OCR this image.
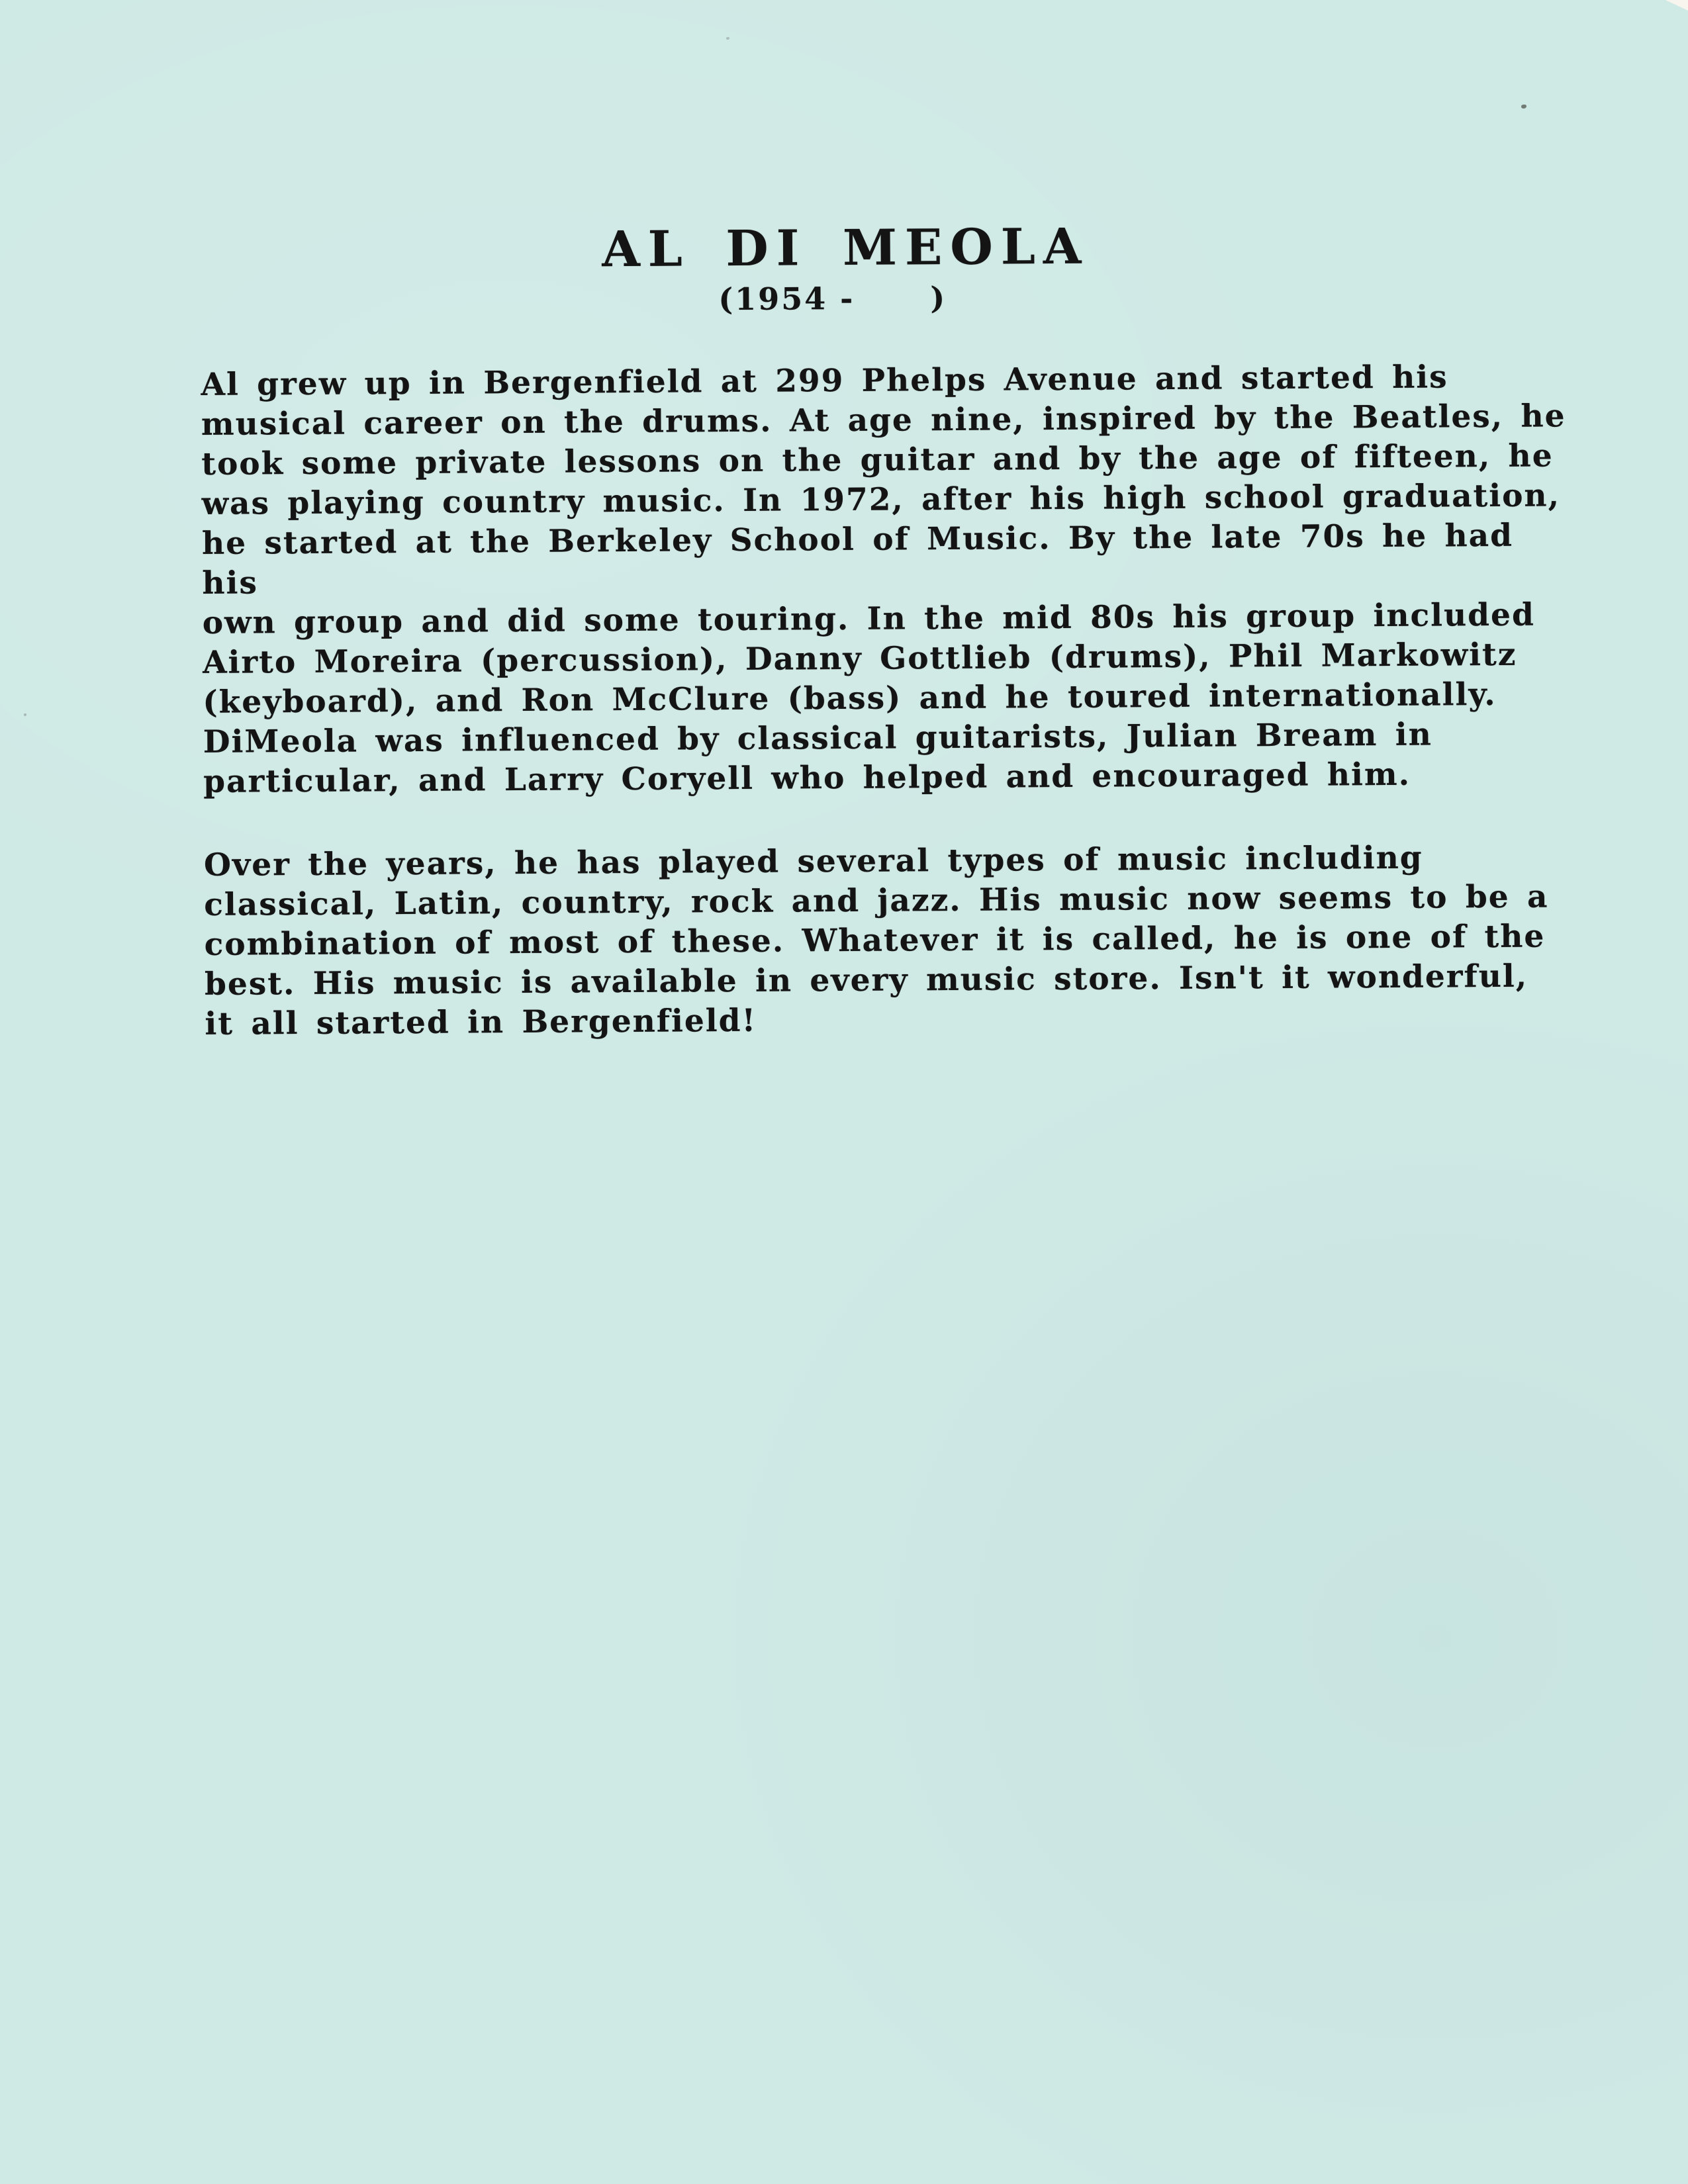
AL DI MEOLA
(1954 -      )

Al grew up in Bergenfield at 299 Phelps Avenue and started his
musical career on the drums. At age nine, inspired by the Beatles, he
took some private lessons on the guitar and by the age of fifteen, he
was playing country music. In 1972, after his high school graduation,
he started at the Berkeley School of Music. By the late 70s he had his
own group and did some touring. In the mid 80s his group included
Airto Moreira (percussion), Danny Gottlieb (drums), Phil Markowitz
(keyboard), and Ron McClure (bass) and he toured internationally.
DiMeola was influenced by classical guitarists, Julian Bream in
particular, and Larry Coryell who helped and encouraged him.

Over the years, he has played several types of music including
classical, Latin, country, rock and jazz. His music now seems to be a
combination of most of these. Whatever it is called, he is one of the
best. His music is available in every music store. Isn't it wonderful,
it all started in Bergenfield!
